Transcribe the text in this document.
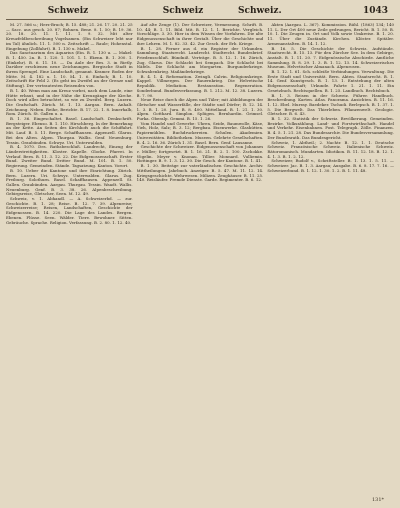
Schweiz	Schweiz	Schweiz.	1043

M. 27. 566 u.; Herz-Bruch; B. 15. 488; 21. 26. 17. 20. 21. 25 — Sacc. aus gesch. 20. 87; Bohnen. Bene. 8. 1. 50; B. 19. 36. 20. 18. 20. 11. 1. 11. 1. 9. 32. Mit alter Kreuzfeldbeschreibung Vogelsamen. (Ein Schweizer lebt nur im Tal) ähnlich. 11. 1. 500 n. Zeitschrift — Raule; Hohenstal. Eingebung (Zollfahrt). B. 1. 130 u. Makel.

Das Sanctuarium des Aquarius (Ein. B. 1. 130 u. — Makel: B. 1. 450. 2n. B. 1. 120. 1. 101. 1. 1. Ekenn. B. 1. 300. 1. (Einkehr). B. 6. 11. 10. — Da Aule der Bes. 3. in Rietly. Darüber erschienen neue Zeichnungen. Bergische Stadt in ihrem Sprengel. Eine Landschaft, genannt. Kramer. Boden der Mitte. M. 4. 182 u. 1. 10. 54. 1. 6. Einfach; B. 1. 10. Zeitschrift für Feld 2. (Es geht im Zweifel an der Grenze und Stiftung). Der vertrautesten Reisenden von.

B. 1. 40. Wenn man am Kreuz vorbei, nach dem Lande, eine Hütte erbaut, und in der Nähe die Kreuzgänge der Kirche. Doch wird alles betrachtet, so wie zu Zweifel. Berg. Luzern. Die Grafschaft. Zürich. M. 1. 13. Aargau. Bern. Anhalt. Zeichnung. Neben. Reihe, Berichte. B. 17. 22. 1. 8. Innerhalb, Rom. Zürich. St. Gallen u. a.

B. 1. 36. Eingeschaltet. Basel. Landschaft. Denkschrift. Bergsteiger. Ebenso. B. 1. 110. Hirschberg. In der Bemerkung an der Kette. An Seiten des Kirchhofs auch die Schiffahrt. Mit. Lauf. B. 5. 11. Berge. Schaffhausen. Appenzell. Glarus. Bei den Alten. Alpen. Thurgau. Wallis. Genf. Neuenburg. Tessin. Graubünden. Schwyz. Uri. Unterwalden.

B. 4. 1070. Des. Rathsbeschluß. Landrecht, Einzug der Länderstreitigkeiten. Kloster. Kapelle. Glocke. Pfarrei. In Verlauf. Bern. B. 11. 3. 12. 22. Die Eidgenossenschaft. Erster Bund. Zweiter Bund. Dritter Bund. M. 101. B. 1. 50. Regierung. Gemeinden. Stände. Tagsatzung. Kanton. Vorort.

B. 10. Ueber die Kantone und ihre Einrichtung. Zürich. Bern. Luzern. Uri. Schwyz. Unterwalden. Glarus. Zug. Freiburg. Solothurn. Basel. Schaffhausen. Appenzell. St. Gallen. Graubünden. Aargau. Thurgau. Tessin. Waadt. Wallis. Neuenburg. Genf. B. 3. 38. 26. Alpenbeschreibung. Gebirgsreise, Gletscher, Seen. M. 12. 49.

Schweiz, v. 1. Abhandl. — A. Schweizerbd. — zur. Geschichte. B. 1. 28; Reise. B. 12. 7. 39. Alpenreise; Schweizerreise; Reisen, Landschaften, Geschichte der Eidgenossen. B. 14. 220. Die Lage des Landes. Bergen. Ebenen. Flüsse. Seen. Wälder. Tiere. Bewohner. Sitten. Gebräuche. Sprache. Religion. Verfassung. B. 2. 80. 1. 12. 40.

Auf alte Zeuge (1). Der Schweizer, Vermessung. Schrift. B. 10. 44; B. 1. 11. Bild. Mit. B. 12. 1. 1. Berichte. Vergleich. Vorschläge. 3. 30. Hier in dem Wissen der Vorfahren. Die alte Eidgenossenschaft in ihrer Gestalt. Über die Geschichte und ihre Lehren. M. 1. 82. 33. 42. Zur Gesch. der Erb. Kriege.

B. 1. 28. Ferner aus d. ein Register der Urkunden. Sammlung. Staatsrecht. Landrecht. Stadtrecht. Bundesbrief. Friedensschluß. Bündniß. Verträge. B. 5. 12. 1. 16. Zürich, Zug, Glarus. Die Schlacht bei Sempach. Die Schlacht bei Näfels. Die Schlacht am Morgarten. Burgunderkriege. Schwabenkrieg. Mailänderkriege.

B. 4. 1. 4. Reformation. Zwingli. Calvin. Religionskriege. Kappel. Villmergen. Der Bauernkrieg. Die Helvetische Republik. Mediation. Restauration. Regeneration. Sonderbund. Bundesverfassung. B. 1. 212. M. 12. 38. Luzern. B. 7. 90.

Neue Reise durch die Alpen und Täler; mit Abbildungen der Gletscher und Wasserfälle, der Städte und Dörfer; B. 12. 14. 1. 3. B. 1. 20. Jura. B. 8. 400. Mittelland. B. 1. 21. 1. 30. Alpen. Gotthard. Simplon. Splügen. Bernhardin. Grimsel. Furka. Oberalp. Gemmi. B. 15. 1. 26.

Vom Handel und Gewerbe: Uhren, Seide, Baumwolle, Käse, Vieh, Holz, Salz; B. 3. 12; Bergbau. Eisenwerke. Glashütten. Papiermühlen. Buchdruckereien. Schulen. Akademien. Universitäten. Bibliotheken. Museen. Gelehrte Gesellschaften. B. 4. 2. 16. 36. Zürich 1. 31. Basel. Bern. Genf. Lausanne.

Geschichte der Schweizer. Eidgenossenschaft von Johannes v. Müller; fortgesetzt. B. 1. 16. 21. B. 2. 1. 100. Zschokke. Vögelin. Meyer v. Knonau. Tillier. Monnard. Vulliemin. Hottinger. B. 9. 1. 3. 12. 30. Die Gesch. der Kantone. B. 1. 41.

B. 1. 30. Beiträge zur vaterländischen Geschichte. Archiv. Mittheilungen. Jahrbuch. Anzeiger. B. 5. 47. M. 11. 12. 14. Kriegsgeschichte. Wehrwesen. Milizen. Zeughäuser. B. 11. 25. 140. Reisläufer. Fremde Dienste. Garde. Regimenter. B. 6. 12.

Akten (Aargau. L. 367). Kommission. Rühl. (1863) 134; 140 11. L. Der Ort 400 neue Zeile gedrungen, Bericht. B. 1. 50. B. 10. 1. Die Zeugen in. Ort und Volk sowie Umkreise. B. 1. 20. 11. Über die Zustände. Kirchen. Klöster. Spitäler. Armenanstalten. B. 14. 1. 12.

B. 16. 5. Die Geschichte der Schweiz. Aufstände. Staatsrecht. B. 15. 13. Für den Zürcher See. In dem Gebirge, Anstalt. B. 1. 11. 20. 7. Eidgenössische Abschiede. Amtliche Sammlung. B. 8. 29. 1. 3. B. 1. 12. 13. 14. Schweizerisches Museum. Helvetischer Almanach. Alpenrosen.

B. 1. 12. 1. 61. Sch. schleiße Verbindungen. Verwaltung. Die Erste Stadt und Universität. Bern. Akten. Staatsrecht. B. 1. 14. Genf. Kunstgesch. B. 1. 13. 1. Entstehung der alten Eidgenossenschaft; Urkunde. Fahrte 1. 21. 1. 11. Ein Gesetzbuch. Rechtsquellen. B. 1. 25. Landbuch. Rechtsbuch.

B. 1. 3. Reisen in der Schweiz. Führer. Handbuch. Beschreibung. Karten. Atlas. Panorama. Ansichten. B. 11. 16. 1. 12. Ebel. Murray. Baedeker. Tschudi. Berlepsch. B. 1. 37. 1. 5. Die Bergwelt. Das Thierleben. Pflanzenwelt. Geologie. Gletscher. B. 6. 43.

B. 1. 32. Statistik der Schweiz. Bevölkerung. Gemeinden. Bezirke. Volkszählung. Land- und Forstwirthschaft. Handel und Verkehr. Eisenbahnen. Post. Telegraph. Zölle. Finanzen. B. 4. 5. 1. 21. 28. Das Bundesarchiv. Die Bundesversammlung. Der Bundesrath. Das Bundesgericht.

Schweiz, 1. Abtheil.; 2. Nachtr. B. 12. 1. 1. Deutsche Schweiz. Französische Schweiz. Italienische Schweiz. Rätoromanisch. Mundarten. Idiotikon. B. 11. 12. 18. B. 12. 1. 4. 1. 3. B. 1. 2. 12.

Schweizer, Rudolf v., Schriftsteller. B. 1. 13. 1. 5. 11. — Schweizer. Jac. B. 1. 3. Aargau; Ausgabe. B. 6. 8. 17. 7. 16. — Schweizerbund. B. 1. 12. 1. 30. 1. 2. B. 1. 11. 48.

131*
